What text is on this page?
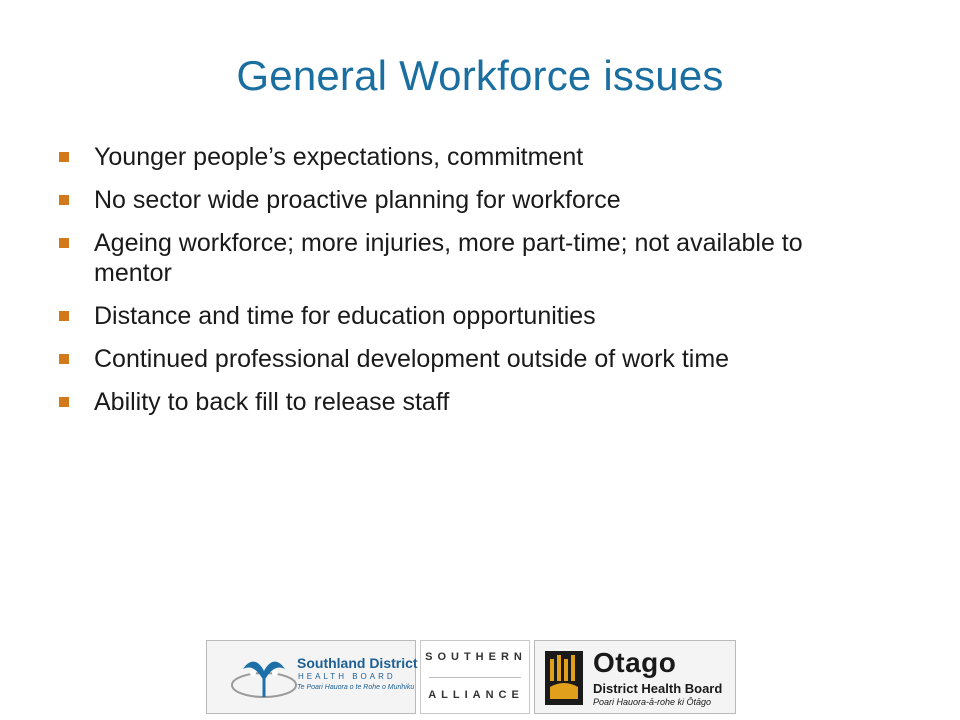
General Workforce issues
Younger people’s expectations, commitment
No sector wide proactive planning for workforce
Ageing workforce; more injuries, more part-time; not available to mentor
Distance and time for education opportunities
Continued professional development outside of work time
Ability to back fill to release staff
Southland District
HEALTH BOARD
Te Poari Hauora o te Rohe o Murihiku
SOUTHERN
ALLIANCE
Otago
District Health Board
Poari Hauora-ā-rohe ki Ōtāgo
